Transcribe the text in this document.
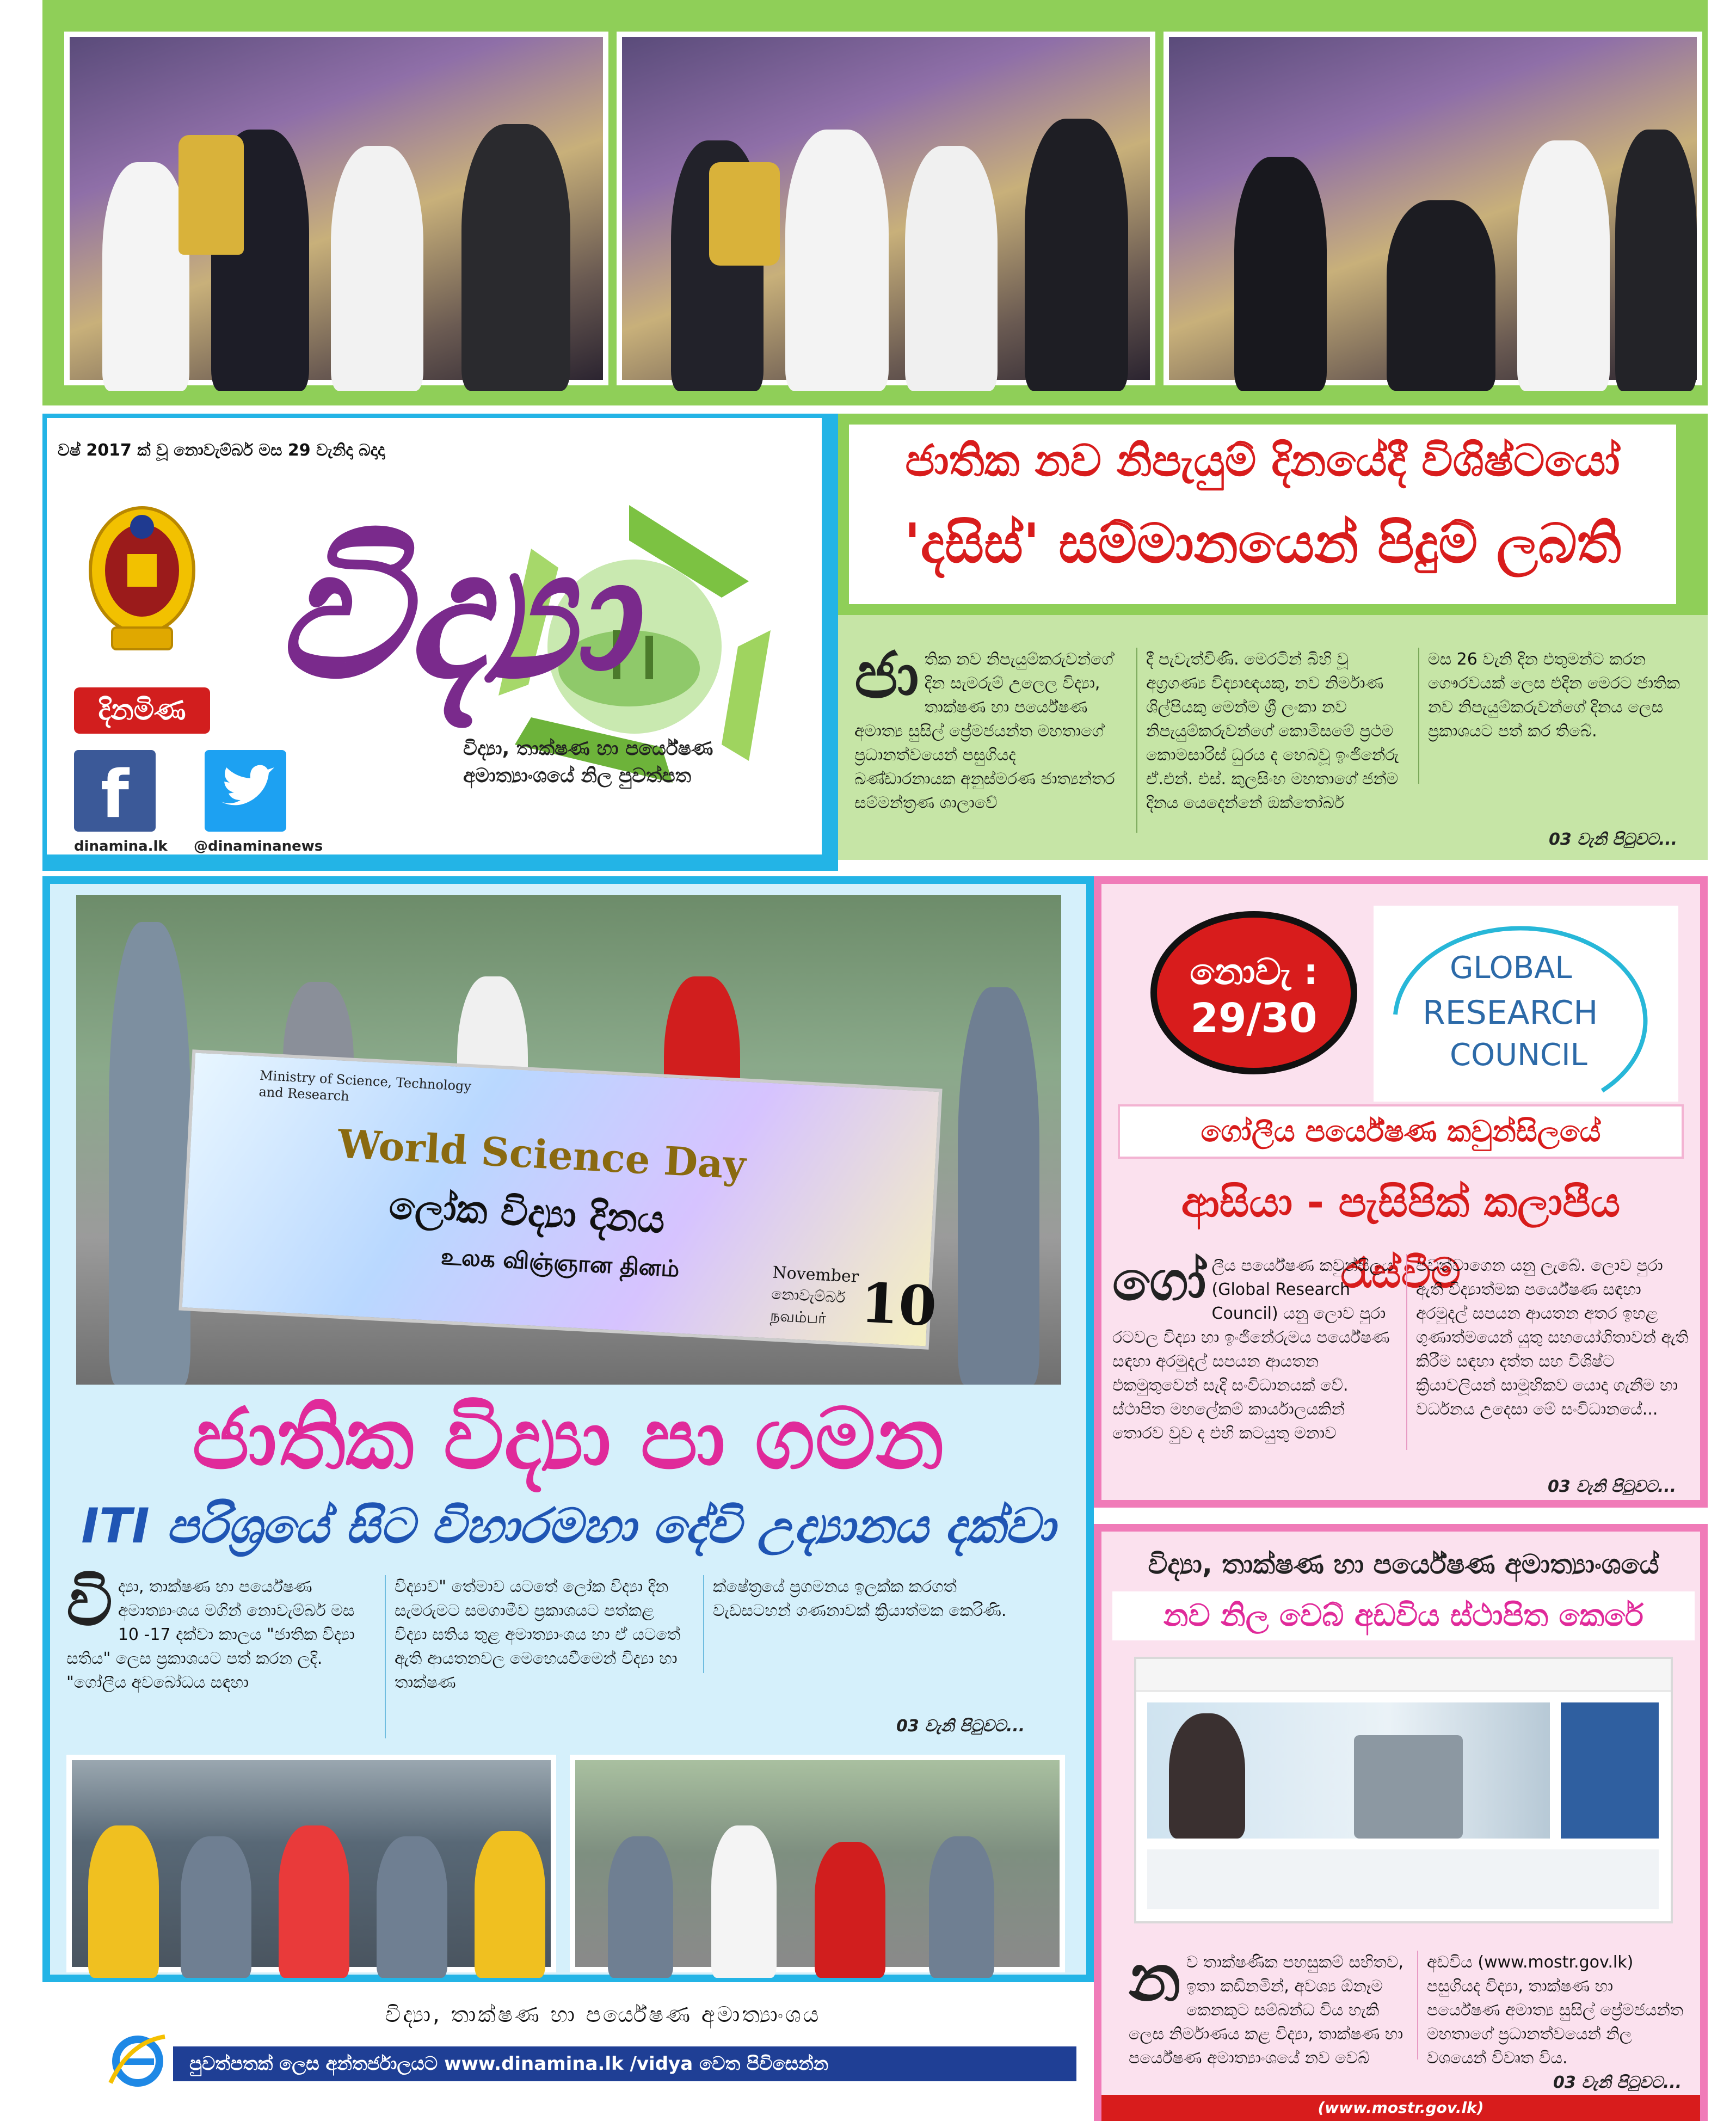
වෂ් 2017 ක් වූ නොවැම්බර් මස 29 වැනිදා බදාදා
දිනමිණ
f
dinamina.lk @dinaminanews
විද්‍යා
විද්‍යා, තාක්ෂණ හා පර්යේෂණ
අමාත්‍යාංශයේ නිල පුවත්පත
ජාතික නව නිපැයුම් දිනයේදී විශිෂ්ටයෝ
'දසිස්' සම්මානයෙන් පිදුම් ලබති
ජා තික නව නිපැයුම්කරුවන්ගේ දින සැමරුම් උලෙල විද්‍යා, තාක්ෂණ හා පර්යේෂණ අමාත්‍ය සුසිල් ප්‍රේමජයන්ත මහතාගේ ප්‍රධානත්වයෙන් පසුගියද බණ්ඩාරනායක අනුස්මරණ ජාත්‍යන්තර සම්මන්ත්‍රණ ශාලාවේ
දී පැවැත්විණි. මෙරටින් බිහි වූ අග්‍රගණ්‍ය විද්‍යාඥයකු, නව නිර්මාණ ශිල්පියකු මෙන්ම ශ්‍රී ලංකා නව නිපැයුම්කරුවන්ගේ කොමිසමේ ප්‍රථම කොමසාරිස් ධුරය ද හෙබවූ ඉංජිනේරු ඒ.එන්. එස්. කුලසිංහ මහතාගේ ජන්ම දිනය යෙදෙන්නේ ඔක්තෝබර්
මස 26 වැනි දින එතුමන්ට කරන ගෞරවයක් ලෙස එදින මෙරට ජාතික නව නිපැයුම්කරුවන්ගේ දිනය ලෙස ප්‍රකාශයට පත් කර තිබේ.
03 වැනි පිටුවට...
Ministry of Science, Technology and Research
World Science Day
ලෝක විද්‍යා දිනය
உலக விஞ்ஞான தினம்	November
නොවැම්බර්
நவம்பர் 10
ජාතික විද්‍යා පා ගමන
ITI පරිශ්‍රයේ සිට විහාරමහා දේවි උද්‍යානය දක්වා
වි ද්‍යා, තාක්ෂණ හා පර්යේෂණ අමාත්‍යාංශය මගින් නොවැම්බර් මස 10 -17 දක්වා කාලය "ජාතික විද්‍යා සතිය" ලෙස ප්‍රකාශයට පත් කරන ලදි. "ගෝලීය අවබෝධය සඳහා
විද්‍යාව" තේමාව යටතේ ලෝක විද්‍යා දින සැමරුමට සමගාමීව ප්‍රකාශයට පත්කළ විද්‍යා සතිය තුළ අමාත්‍යාංශය හා ඒ යටතේ ඇති ආයතනවල මෙහෙයවීමෙන් විද්‍යා හා තාක්ෂණ
ක්ෂේත්‍රයේ ප්‍රගමනය ඉලක්ක කරගත් වැඩසටහන් ගණනාවක් ක්‍රියාත්මක කෙරිණි.
03 වැනි පිටුවට...
නොවැ :
29/30
GLOBAL
RESEARCH
COUNCIL
ගෝලීය පර්යේෂණ කවුන්සිලයේ
ආසියා - පැසිපික් කලාපීය රැස්වීම
ගෝ ලීය පර්යේෂණ කවුන්සිලය (Global Research Council) යනු ලොව පුරා රටවල විද්‍යා හා ඉංජිනේරුමය පර්යේෂණ සඳහා අරමුදල් සපයන ආයතන එකමුතුවෙන් සැදි සංවිධානයක් වේ. ස්ථාපිත මහලේකම් කාර්යාලයකින් තොරව වුව ද එහි කටයුතු මනාව
පවත්වාගෙන යනු ලැබේ. ලොව පුරා ඇති විද්‍යාත්මක පර්යේෂණ සඳහා අරමුදල් සපයන ආයතන අතර ඉහළ ගුණාත්මයෙන් යුතු සහයෝගිතාවන් ඇති කිරීම සඳහා දත්ත සහ විශිෂ්ට ක්‍රියාවලියන් සාමූහිකව යොදා ගැනීම හා වර්ධනය උදෙසා මේ සංවිධානයේ...
03 වැනි පිටුවට...
විද්‍යා, තාක්ෂණ හා පර්යේෂණ අමාත්‍යාංශයේ
නව නිල වෙබ් අඩවිය ස්ථාපිත කෙරේ
න ව තාක්ෂණික පහසුකම් සහිතව, ඉතා කඩිනමින්, අවශ්‍ය ඕනෑම කෙනකුට සම්බන්ධ විය හැකි ලෙස නිර්මාණය කළ විද්‍යා, තාක්ෂණ හා පර්යේෂණ අමාත්‍යාංශයේ නව වෙබ්
අඩවිය (www.mostr.gov.lk) පසුගියද විද්‍යා, තාක්ෂණ හා පර්යේෂණ අමාත්‍ය සුසිල් ප්‍රේමජයන්ත මහතාගේ ප්‍රධානත්වයෙන් නිල වශයෙන් විවෘත විය.
03 වැනි පිටුවට...
(www.mostr.gov.lk)
විද්‍යා, තාක්ෂණ හා පර්යේෂණ අමාත්‍යාංශය
පුවත්පතක් ලෙස අන්තර්ජාලයට www.dinamina.lk /vidya වෙත පිවිසෙන්න
